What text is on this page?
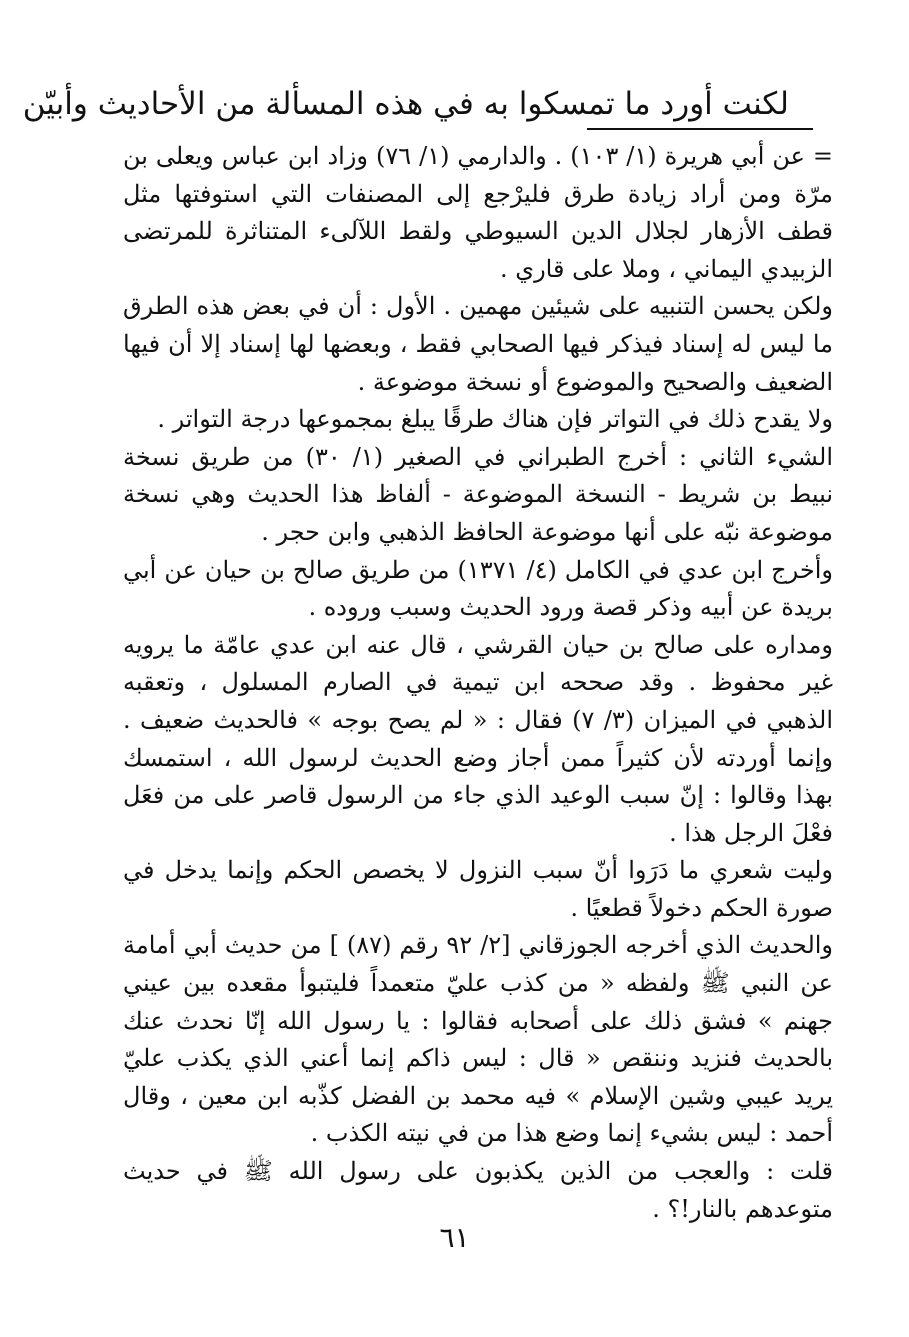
لكنت أورد ما تمسكوا به في هذه المسألة من الأحاديث وأبيّن

= عن أبي هريرة (١/ ١٠٣) . والدارمي (١/ ٧٦) وزاد ابن عباس ويعلى بن مرّة ومن أراد زيادة طرق فليرْجع إلى المصنفات التي استوفتها مثل قطف الأزهار لجلال الدين السيوطي ولقط اللآلىء المتناثرة للمرتضى الزبيدي اليماني ، وملا على قاري .

ولكن يحسن التنبيه على شيئين مهمين . الأول : أن في بعض هذه الطرق ما ليس له إسناد فيذكر فيها الصحابي فقط ، وبعضها لها إسناد إلا أن فيها الضعيف والصحيح والموضوع أو نسخة موضوعة .

ولا يقدح ذلك في التواتر فإن هناك طرقًا يبلغ بمجموعها درجة التواتر .

الشيء الثاني : أخرج الطبراني في الصغير (١/ ٣٠) من طريق نسخة نبيط بن شريط - النسخة الموضوعة - ألفاظ هذا الحديث وهي نسخة موضوعة نبّه على أنها موضوعة الحافظ الذهبي وابن حجر .

وأخرج ابن عدي في الكامل (٤/ ١٣٧١) من طريق صالح بن حيان عن أبي بريدة عن أبيه وذكر قصة ورود الحديث وسبب وروده .

ومداره على صالح بن حيان القرشي ، قال عنه ابن عدي عامّة ما يرويه غير محفوظ . وقد صححه ابن تيمية في الصارم المسلول ، وتعقبه الذهبي في الميزان (٣/ ٧) فقال : « لم يصح بوجه » فالحديث ضعيف . وإنما أوردته لأن كثيراً ممن أجاز وضع الحديث لرسول الله ، استمسك بهذا وقالوا : إنّ سبب الوعيد الذي جاء من الرسول قاصر على من فعَل فعْلَ الرجل هذا .

وليت شعري ما دَرَوا أنّ سبب النزول لا يخصص الحكم وإنما يدخل في صورة الحكم دخولاً قطعيًا .

والحديث الذي أخرجه الجوزقاني [٢/ ٩٢ رقم (٨٧) ] من حديث أبي أمامة عن النبي ﷺ ولفظه « من كذب عليّ متعمداً فليتبوأ مقعده بين عيني جهنم » فشق ذلك على أصحابه فقالوا : يا رسول الله إنّا نحدث عنك بالحديث فنزيد وننقص « قال : ليس ذاكم إنما أعني الذي يكذب عليّ يريد عيبي وشين الإسلام » فيه محمد بن الفضل كذّبه ابن معين ، وقال أحمد : ليس بشيء إنما وضع هذا من في نيته الكذب .

قلت : والعجب من الذين يكذبون على رسول الله ﷺ في حديث متوعدهم بالنار!؟ .

٦١
